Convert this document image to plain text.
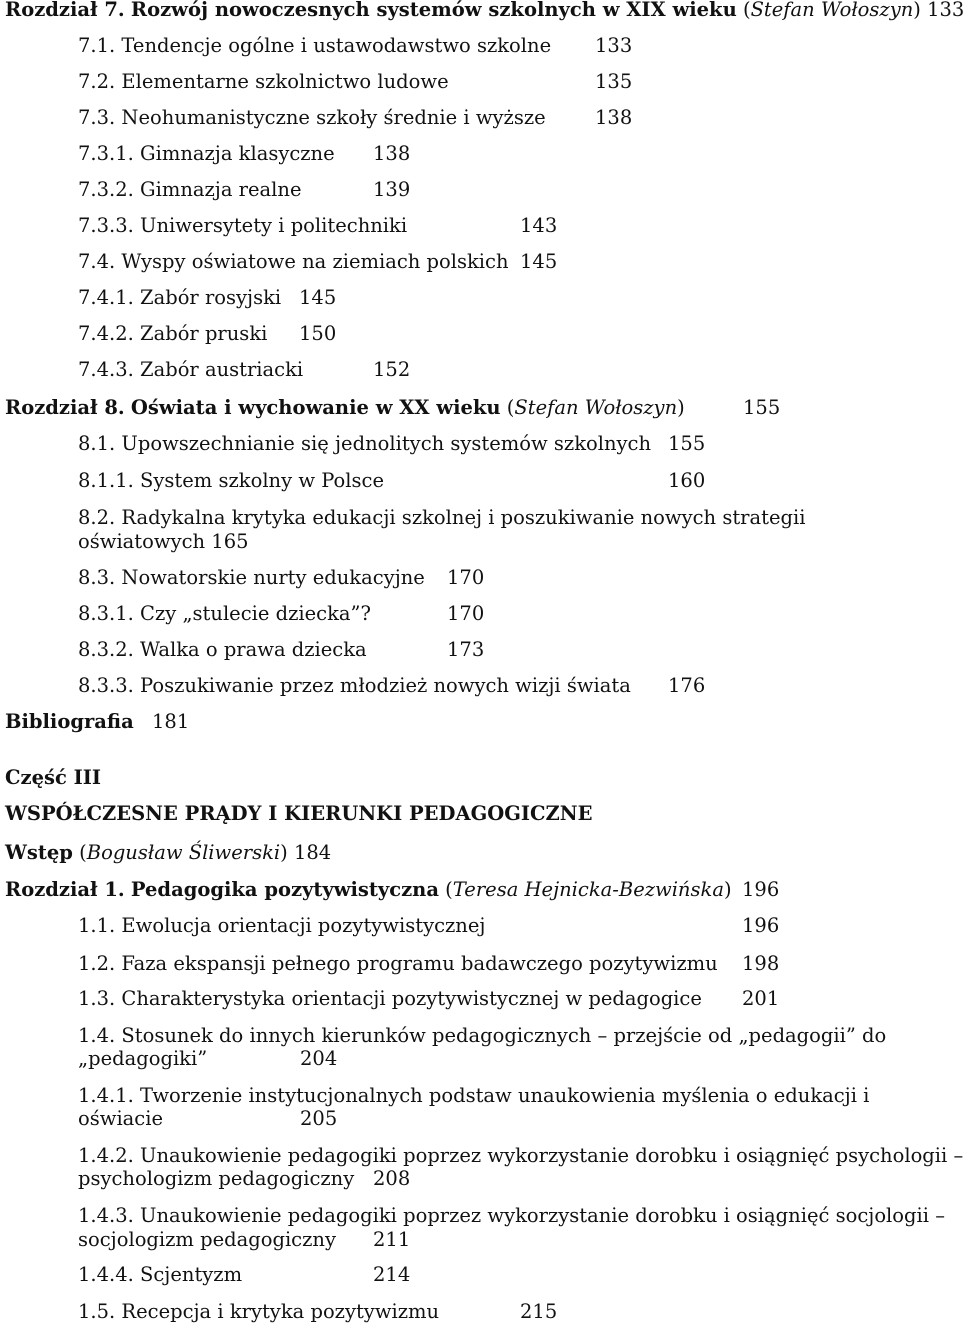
Rozdział 7. Rozwój nowoczesnych systemów szkolnych w XIX wieku (Stefan Wołoszyn) 133
7.1. Tendencje ogólne i ustawodawstwo szkolne 133
7.2. Elementarne szkolnictwo ludowe	135
7.3. Neohumanistyczne szkoły średnie i wyższe	138
7.3.1. Gimnazja klasyczne 138
7.3.2. Gimnazja realne	139
7.3.3. Uniwersytety i politechniki	143
7.4. Wyspy oświatowe na ziemiach polskich 145
7.4.1. Zabór rosyjski 145
7.4.2. Zabór pruski 150
7.4.3. Zabór austriacki	152
Rozdział 8. Oświata i wychowanie w XX wieku (Stefan Wołoszyn)	155
8.1. Upowszechnianie się jednolitych systemów szkolnych 155
8.1.1. System szkolny w Polsce	160
8.2. Radykalna krytyka edukacji szkolnej i poszukiwanie nowych strategii
oświatowych 165
8.3. Nowatorskie nurty edukacyjne 170
8.3.1. Czy „stulecie dziecka”?	170
8.3.2. Walka o prawa dziecka	173
8.3.3. Poszukiwanie przez młodzież nowych wizji świata 176
Bibliografia 181
Część III
WSPÓŁCZESNE PRĄDY I KIERUNKI PEDAGOGICZNE
Wstęp (Bogusław Śliwerski) 184
Rozdział 1. Pedagogika pozytywistyczna (Teresa Hejnicka-Bezwińska) 196
1.1. Ewolucja orientacji pozytywistycznej	196
1.2. Faza ekspansji pełnego programu badawczego pozytywizmu 198
1.3. Charakterystyka orientacji pozytywistycznej w pedagogice 201
1.4. Stosunek do innych kierunków pedagogicznych – przejście od „pedagogii” do
„pedagogiki”	204
1.4.1. Tworzenie instytucjonalnych podstaw unaukowienia myślenia o edukacji i
oświacie	205
1.4.2. Unaukowienie pedagogiki poprzez wykorzystanie dorobku i osiągnięć psychologii –
psychologizm pedagogiczny 208
1.4.3. Unaukowienie pedagogiki poprzez wykorzystanie dorobku i osiągnięć socjologii –
socjologizm pedagogiczny 211
1.4.4. Scjentyzm	214
1.5. Recepcja i krytyka pozytywizmu	215
